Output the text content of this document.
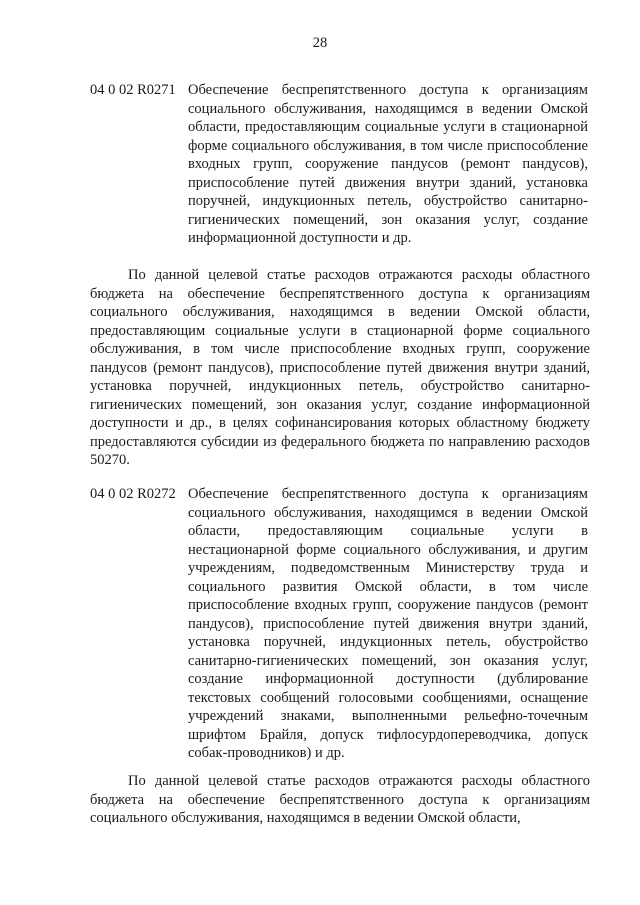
28
04 0 02 R0271 Обеспечение беспрепятственного доступа к организациям социального обслуживания, находящимся в ведении Омской области, предоставляющим социальные услуги в стационарной форме социального обслуживания, в том числе приспособление входных групп, сооружение пандусов (ремонт пандусов), приспособление путей движения внутри зданий, установка поручней, индукционных петель, обустройство санитарно-гигиенических помещений, зон оказания услуг, создание информационной доступности и др.

По данной целевой статье расходов отражаются расходы областного бюджета на обеспечение беспрепятственного доступа к организациям социального обслуживания, находящимся в ведении Омской области, предоставляющим социальные услуги в стационарной форме социального обслуживания, в том числе приспособление входных групп, сооружение пандусов (ремонт пандусов), приспособление путей движения внутри зданий, установка поручней, индукционных петель, обустройство санитарно-гигиенических помещений, зон оказания услуг, создание информационной доступности и др., в целях софинансирования которых областному бюджету предоставляются субсидии из федерального бюджета по направлению расходов 50270.

04 0 02 R0272 Обеспечение беспрепятственного доступа к организациям социального обслуживания, находящимся в ведении Омской области, предоставляющим социальные услуги в нестационарной форме социального обслуживания, и другим учреждениям, подведомственным Министерству труда и социального развития Омской области, в том числе приспособление входных групп, сооружение пандусов (ремонт пандусов), приспособление путей движения внутри зданий, установка поручней, индукционных петель, обустройство санитарно-гигиенических помещений, зон оказания услуг, создание информационной доступности (дублирование текстовых сообщений голосовыми сообщениями, оснащение учреждений знаками, выполненными рельефно-точечным шрифтом Брайля, допуск тифлосурдопереводчика, допуск собак-проводников) и др.

По данной целевой статье расходов отражаются расходы областного бюджета на обеспечение беспрепятственного доступа к организациям социального обслуживания, находящимся в ведении Омской области,
